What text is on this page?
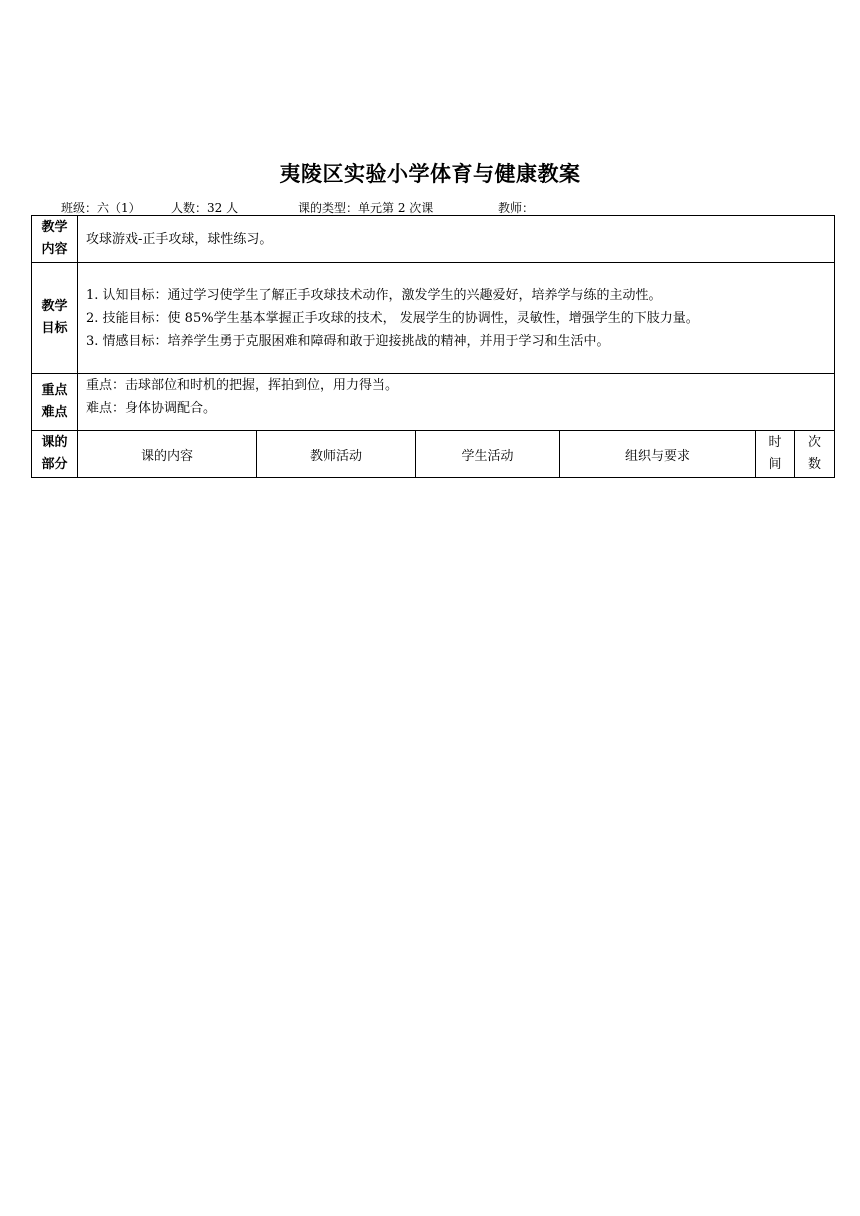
夷陵区实验小学体育与健康教案
班级：六（1）	人数：32 人	课的类型：单元第 2 次课	教师：
教学
内容	攻球游戏-正手攻球，球性练习。					

教学
目标	1. 认知目标：通过学习使学生了解正手攻球技术动作，激发学生的兴趣爱好，培养学与练的主动性。
2. 技能目标：使 85%学生基本掌握正手攻球的技术， 发展学生的协调性，灵敏性，增强学生的下肢力量。
3. 情感目标：培养学生勇于克服困难和障碍和敢于迎接挑战的精神，并用于学习和生活中。					

重点
难点	重点：击球部位和时机的把握，挥拍到位，用力得当。
难点：身体协调配合。					

课的
部分	课的内容	教师活动	学生活动	组织与要求	时
间	次
数
